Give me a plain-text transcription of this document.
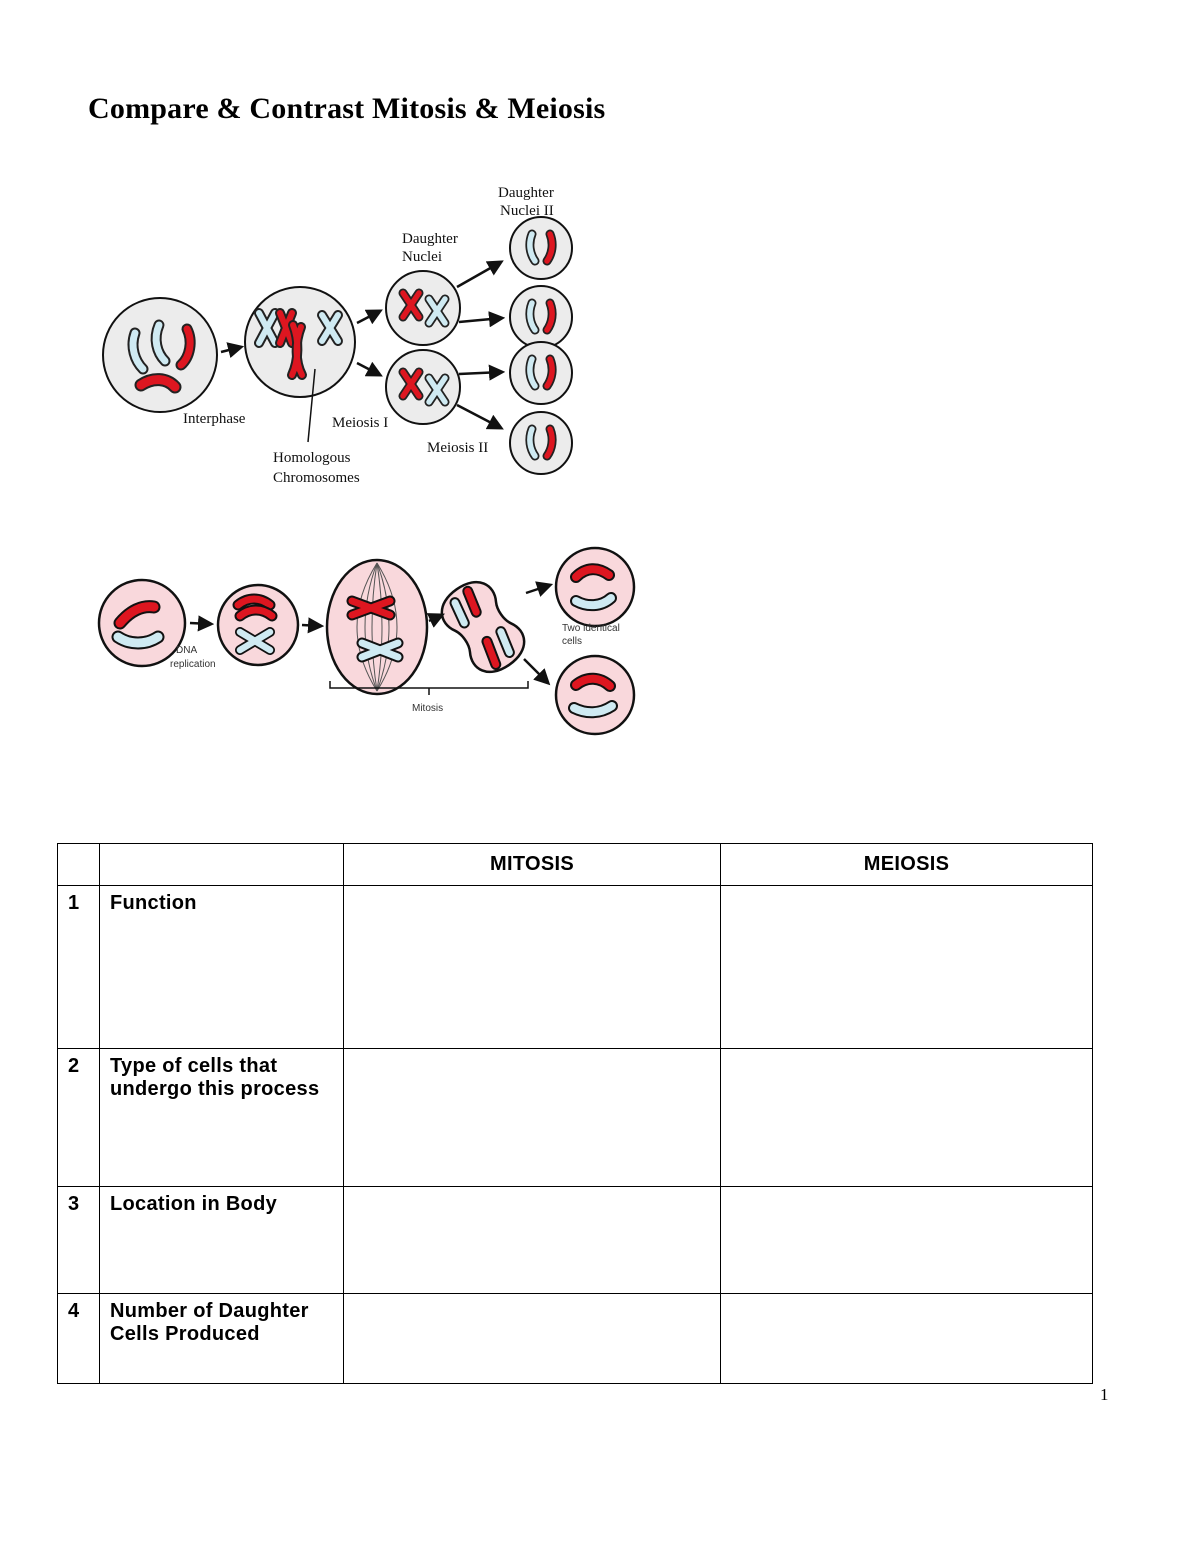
Compare & Contrast Mitosis & Meiosis
Daughter
Nuclei II
Daughter
Nuclei
Interphase	Meiosis I
Homologous
Chromosomes
Meiosis II
DNA
replication
Two identical
cells
Mitosis
		MITOSIS	MEIOSIS
1	Function		
2	Type of cells that undergo this process		
3	Location in Body		
4	Number of Daughter Cells Produced		
1
